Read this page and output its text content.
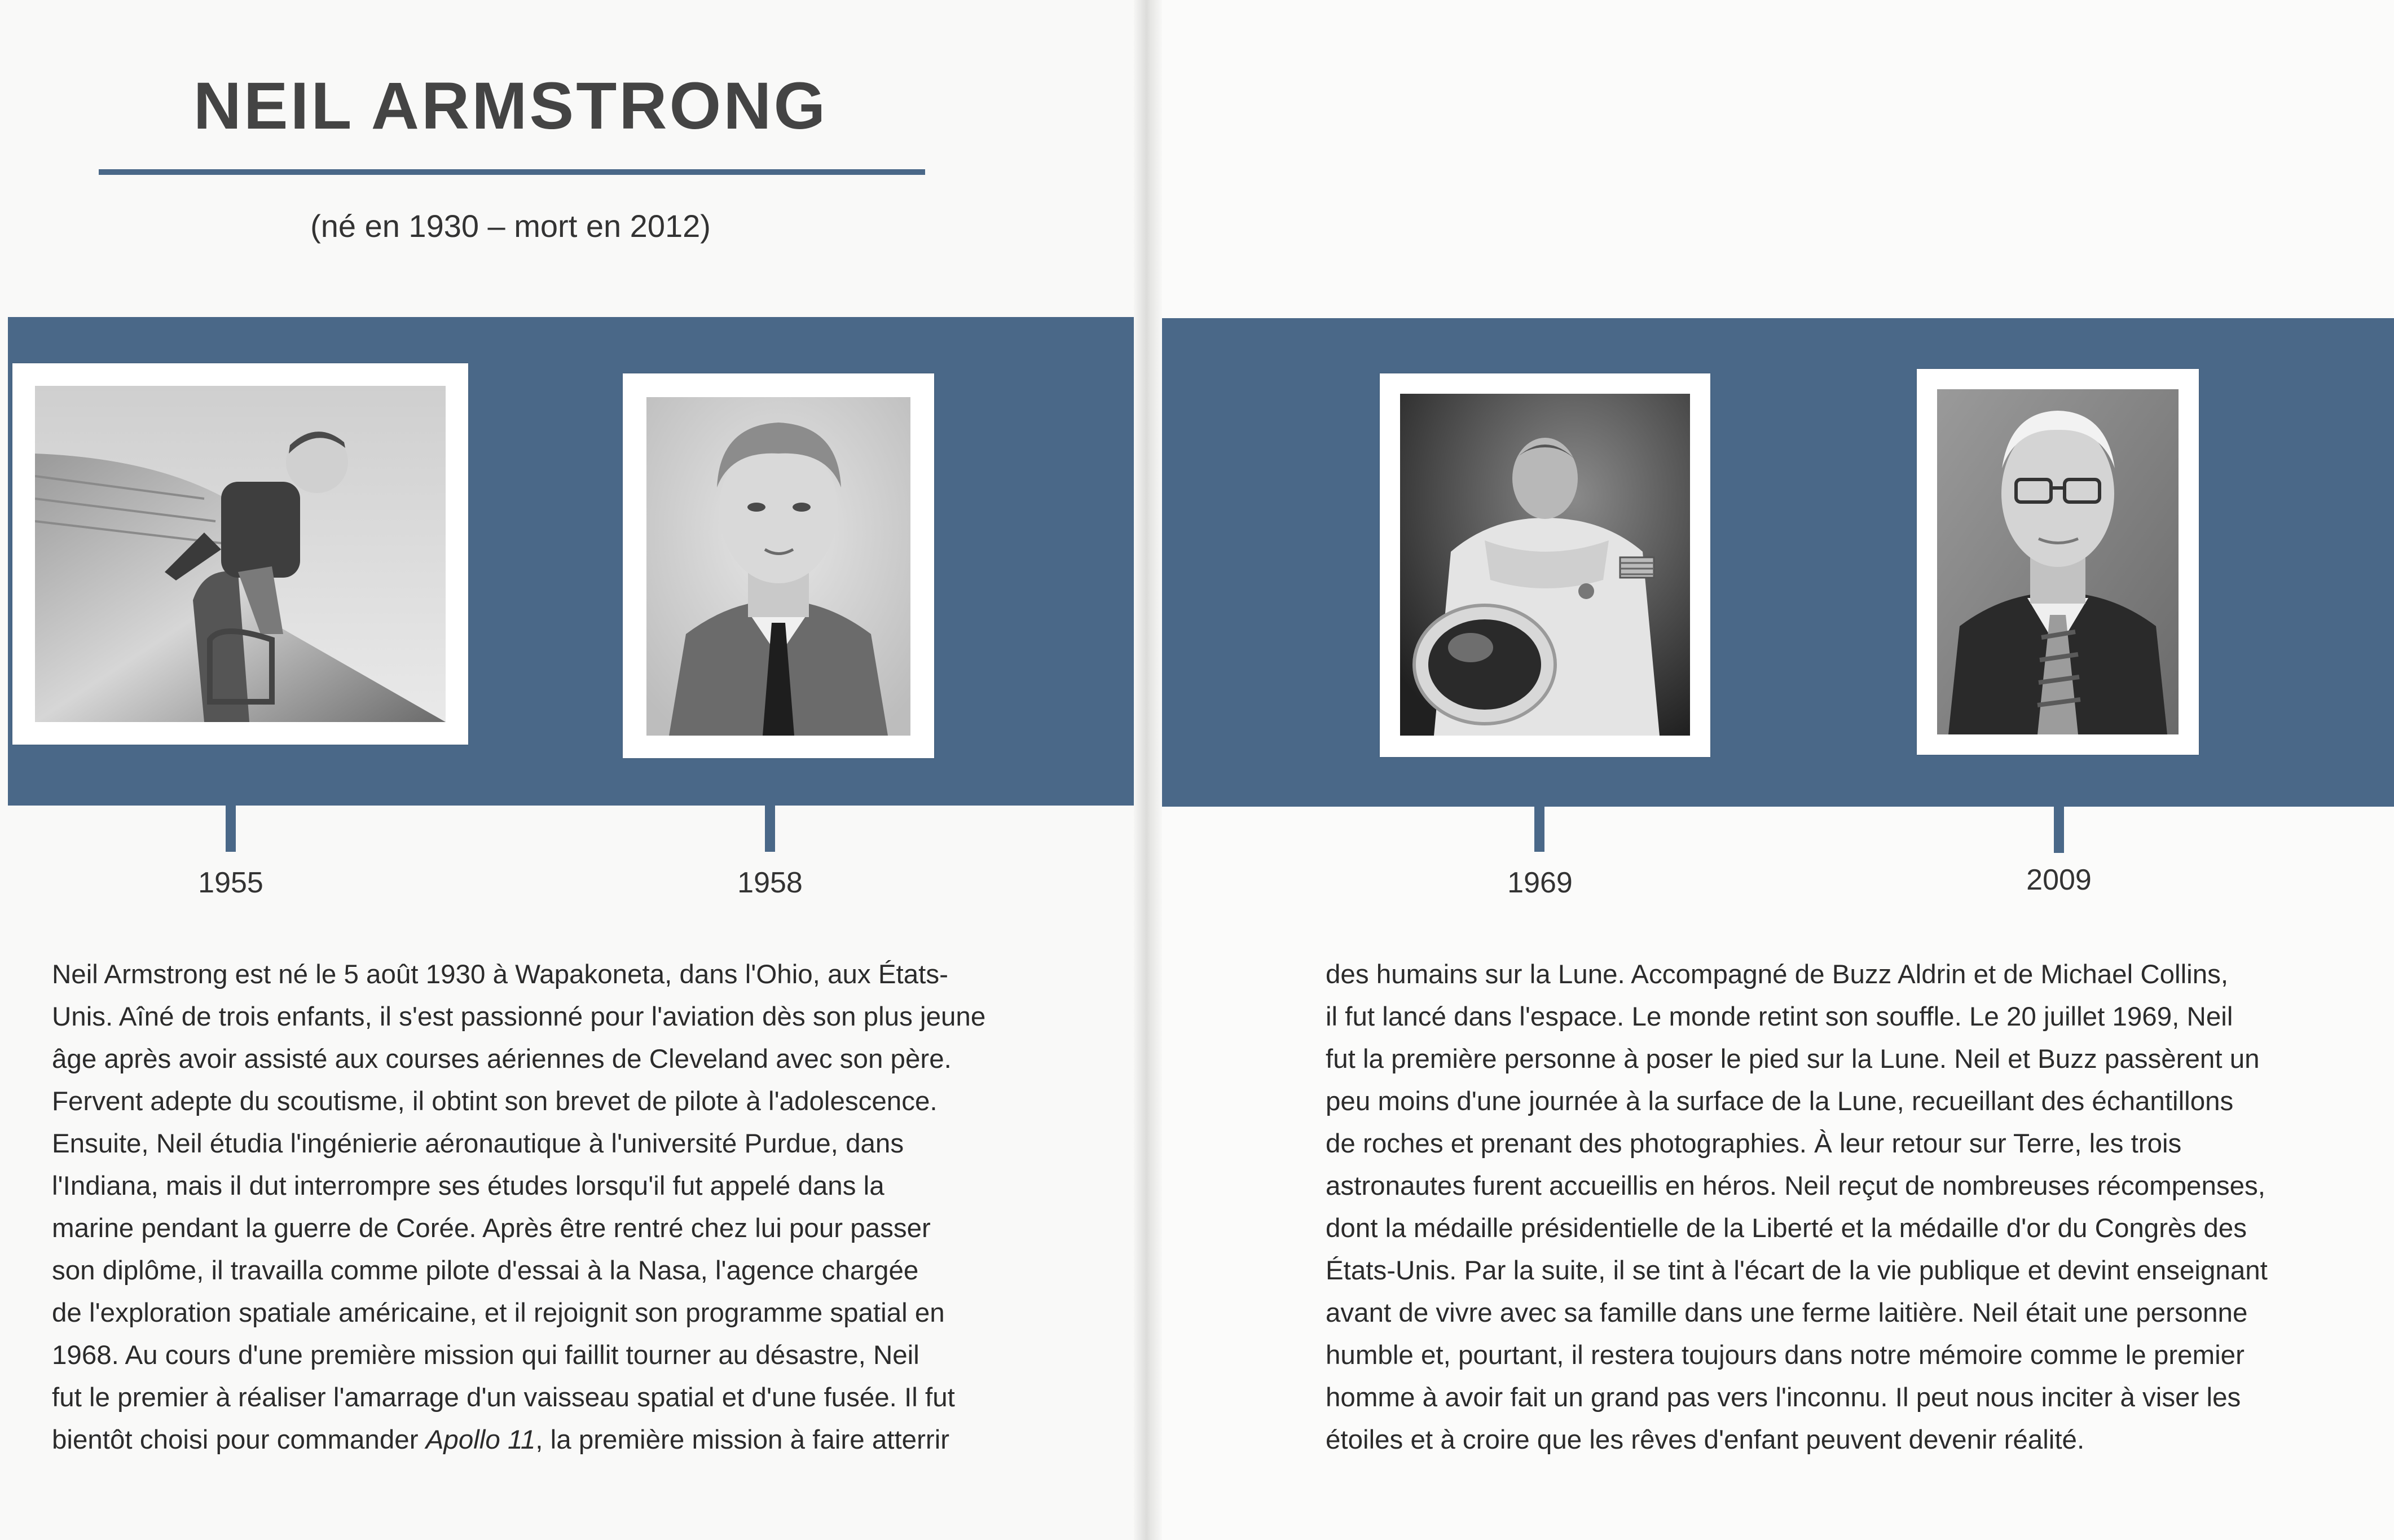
NEIL ARMSTRONG
(né en 1930 – mort en 2012)
1955	1958	1969	2009
Neil Armstrong est né le 5 août 1930 à Wapakoneta, dans l'Ohio, aux États-
Unis. Aîné de trois enfants, il s'est passionné pour l'aviation dès son plus jeune
âge après avoir assisté aux courses aériennes de Cleveland avec son père.
Fervent adepte du scoutisme, il obtint son brevet de pilote à l'adolescence.
Ensuite, Neil étudia l'ingénierie aéronautique à l'université Purdue, dans
l'Indiana, mais il dut interrompre ses études lorsqu'il fut appelé dans la
marine pendant la guerre de Corée. Après être rentré chez lui pour passer
son diplôme, il travailla comme pilote d'essai à la Nasa, l'agence chargée
de l'exploration spatiale américaine, et il rejoignit son programme spatial en
1968. Au cours d'une première mission qui faillit tourner au désastre, Neil
fut le premier à réaliser l'amarrage d'un vaisseau spatial et d'une fusée. Il fut
bientôt choisi pour commander Apollo 11, la première mission à faire atterrir
des humains sur la Lune. Accompagné de Buzz Aldrin et de Michael Collins,
il fut lancé dans l'espace. Le monde retint son souffle. Le 20 juillet 1969, Neil
fut la première personne à poser le pied sur la Lune. Neil et Buzz passèrent un
peu moins d'une journée à la surface de la Lune, recueillant des échantillons
de roches et prenant des photographies. À leur retour sur Terre, les trois
astronautes furent accueillis en héros. Neil reçut de nombreuses récompenses,
dont la médaille présidentielle de la Liberté et la médaille d'or du Congrès des
États-Unis. Par la suite, il se tint à l'écart de la vie publique et devint enseignant
avant de vivre avec sa famille dans une ferme laitière. Neil était une personne
humble et, pourtant, il restera toujours dans notre mémoire comme le premier
homme à avoir fait un grand pas vers l'inconnu. Il peut nous inciter à viser les
étoiles et à croire que les rêves d'enfant peuvent devenir réalité.
